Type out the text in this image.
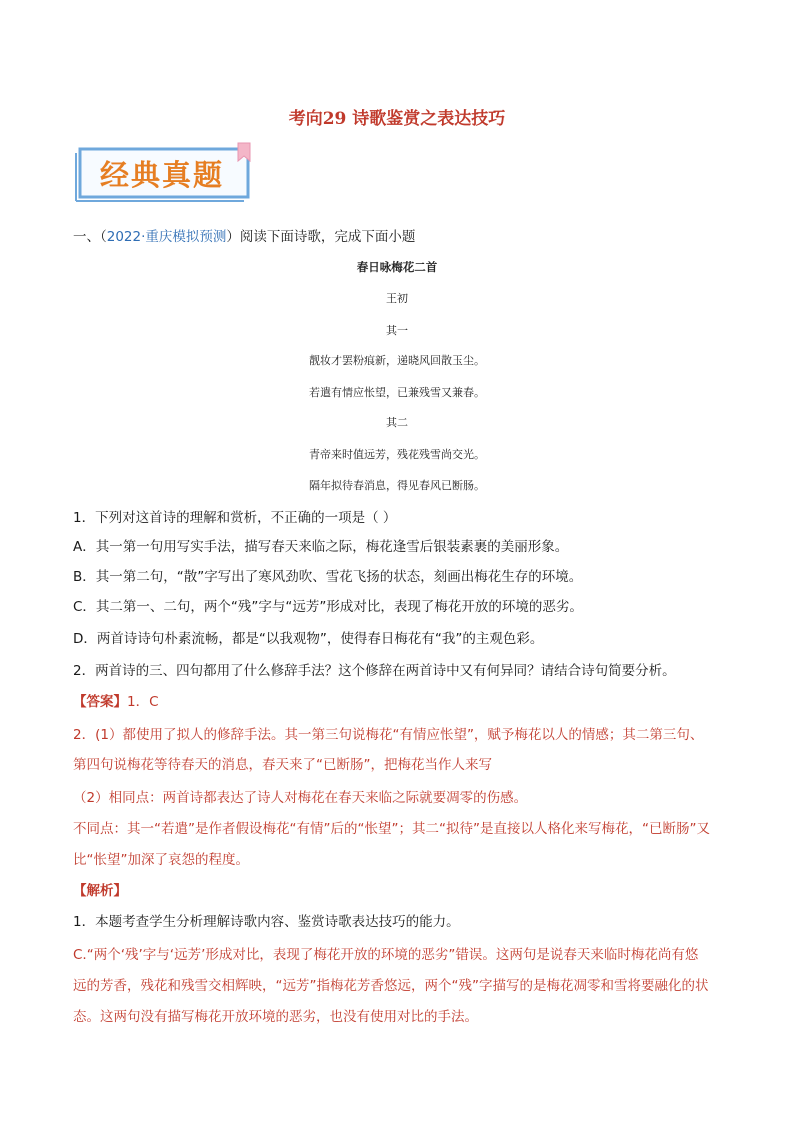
考向29 诗歌鉴赏之表达技巧
经典真题
一、（2022·重庆模拟预测）阅读下面诗歌，完成下面小题
春日咏梅花二首
王初
其一
靓妆才罢粉痕新，递晓风回散玉尘。
若遣有情应怅望，已兼残雪又兼春。
其二
青帝来时值远芳，残花残雪尚交光。
隔年拟待春消息，得见春风已断肠。
1．下列对这首诗的理解和赏析，不正确的一项是（ ）
A．其一第一句用写实手法，描写春天来临之际，梅花逢雪后银装素裹的美丽形象。
B．其一第二句，“散”字写出了寒风劲吹、雪花飞扬的状态，刻画出梅花生存的环境。
C．其二第一、二句，两个“残”字与“远芳”形成对比，表现了梅花开放的环境的恶劣。
D．两首诗诗句朴素流畅，都是“以我观物”，使得春日梅花有“我”的主观色彩。
2．两首诗的三、四句都用了什么修辞手法？这个修辞在两首诗中又有何异同？请结合诗句简要分析。
【答案】1．C
2．(1）都使用了拟人的修辞手法。其一第三句说梅花“有情应怅望”，赋予梅花以人的情感；其二第三句、
第四句说梅花等待春天的消息，春天来了“已断肠”，把梅花当作人来写
（2）相同点：两首诗都表达了诗人对梅花在春天来临之际就要凋零的伤感。
不同点：其一“若遣”是作者假设梅花“有情”后的“怅望”；其二“拟待”是直接以人格化来写梅花，“已断肠”又
比“怅望”加深了哀怨的程度。
【解析】
1．本题考查学生分析理解诗歌内容、鉴赏诗歌表达技巧的能力。
C.“两个‘残’字与‘远芳’形成对比，表现了梅花开放的环境的恶劣”错误。这两句是说春天来临时梅花尚有悠
远的芳香，残花和残雪交相辉映，“远芳”指梅花芳香悠远，两个“残”字描写的是梅花凋零和雪将要融化的状
态。这两句没有描写梅花开放环境的恶劣，也没有使用对比的手法。
